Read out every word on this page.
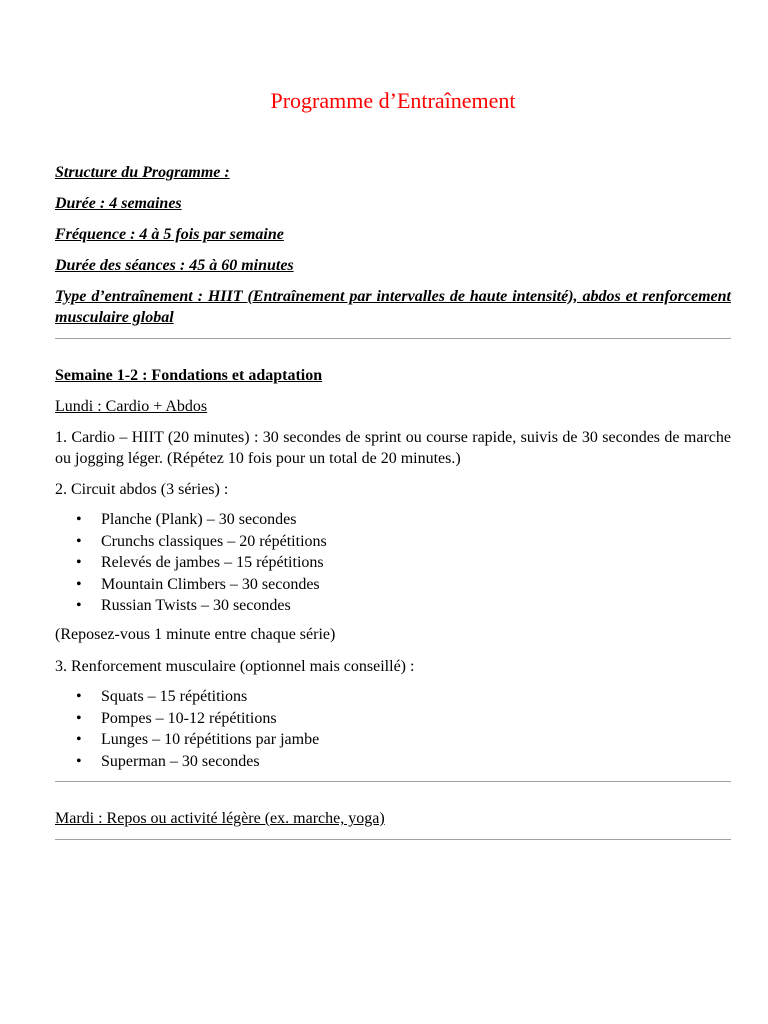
Programme d’Entraînement

Structure du Programme :

Durée : 4 semaines

Fréquence : 4 à 5 fois par semaine

Durée des séances : 45 à 60 minutes

Type d’entraînement : HIIT (Entraînement par intervalles de haute intensité), abdos et renforcement musculaire global

Semaine 1-2 : Fondations et adaptation

Lundi : Cardio + Abdos

1. Cardio – HIIT (20 minutes) : 30 secondes de sprint ou course rapide, suivis de 30 secondes de marche ou jogging léger. (Répétez 10 fois pour un total de 20 minutes.)

2. Circuit abdos (3 séries) :

• Planche (Plank) – 30 secondes
• Crunchs classiques – 20 répétitions
• Relevés de jambes – 15 répétitions
• Mountain Climbers – 30 secondes
• Russian Twists – 30 secondes

(Reposez-vous 1 minute entre chaque série)

3. Renforcement musculaire (optionnel mais conseillé) :

• Squats – 15 répétitions
• Pompes – 10-12 répétitions
• Lunges – 10 répétitions par jambe
• Superman – 30 secondes

Mardi : Repos ou activité légère (ex. marche, yoga)
